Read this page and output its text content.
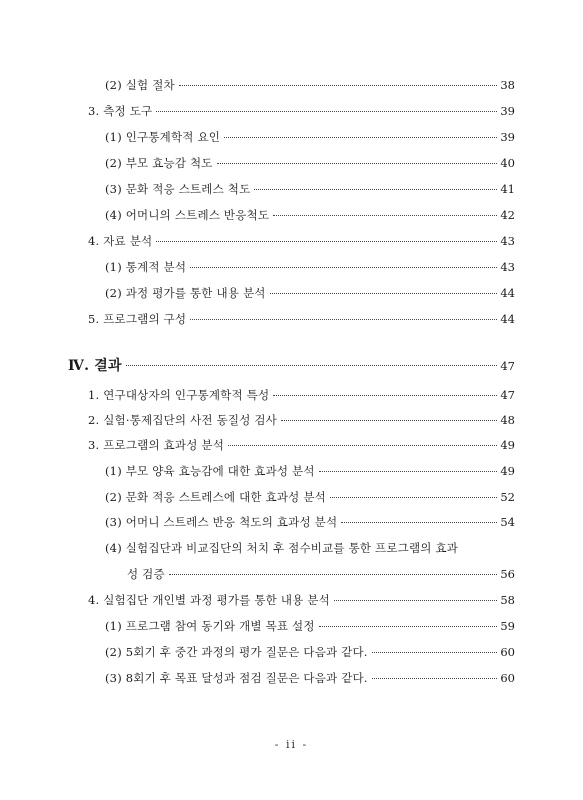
(2) 실험 절차	38
3. 측정 도구	39
(1) 인구통계학적 요인	39
(2) 부모 효능감 척도	40
(3) 문화 적응 스트레스 척도	41
(4) 어머니의 스트레스 반응척도	42
4. 자료 분석	43
(1) 통계적 분석	43
(2) 과정 평가를 통한 내용 분석	44
5. 프로그램의 구성	44
Ⅳ. 결과	47
1. 연구대상자의 인구통계학적 특성	47
2. 실험·통제집단의 사전 동질성 검사	48
3. 프로그램의 효과성 분석	49
(1) 부모 양육 효능감에 대한 효과성 분석	49
(2) 문화 적응 스트레스에 대한 효과성 분석	52
(3) 어머니 스트레스 반응 척도의 효과성 분석	54
(4) 실험집단과 비교집단의 처치 후 점수비교를 통한 프로그램의 효과
성 검증	56
4. 실험집단 개인별 과정 평가를 통한 내용 분석	58
(1) 프로그램 참여 동기와 개별 목표 설정	59
(2) 5회기 후 중간 과정의 평가 질문은 다음과 같다.	60
(3) 8회기 후 목표 달성과 점검 질문은 다음과 같다.	60
- ii -
